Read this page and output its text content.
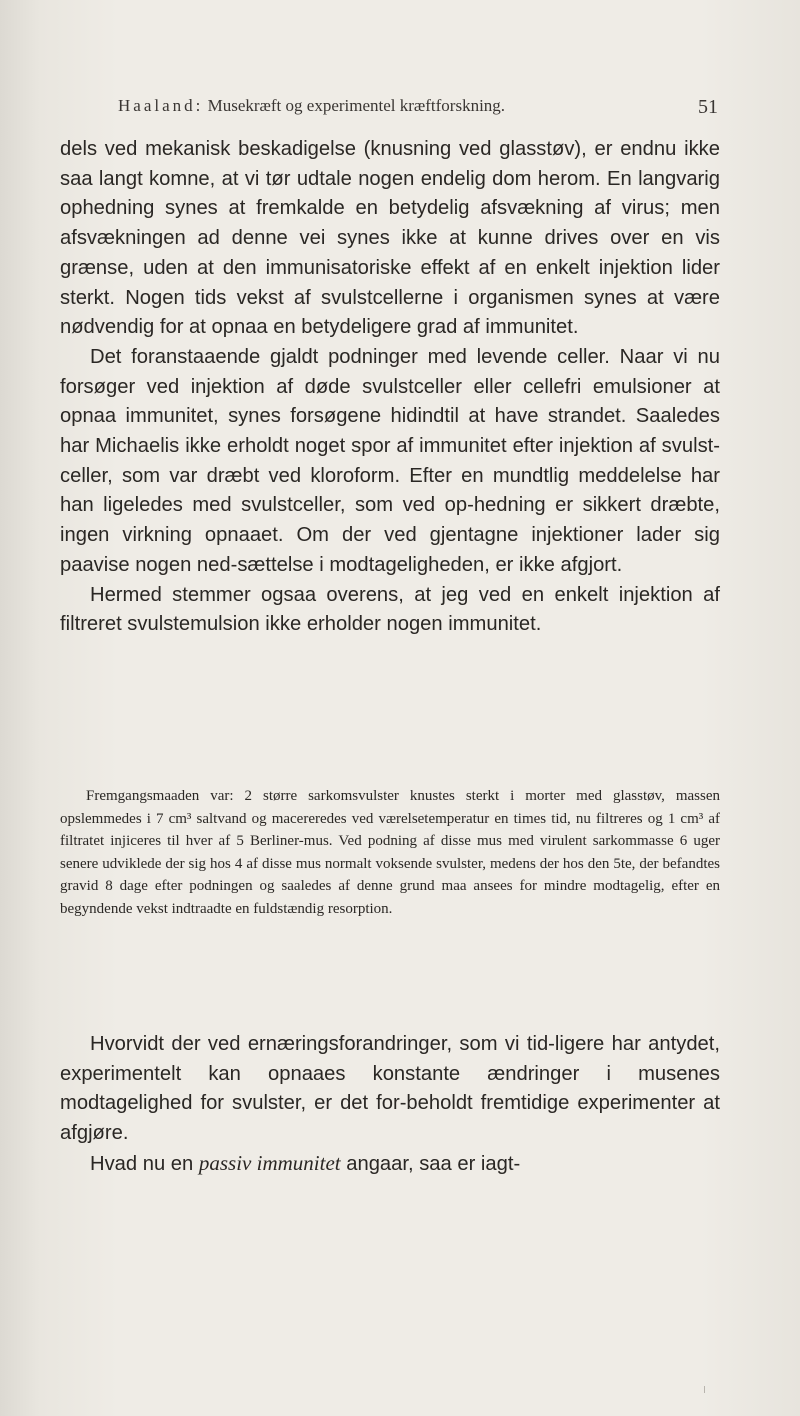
Haaland: Musekræft og experimentel kræftforskning.	51

dels ved mekanisk beskadigelse (knusning ved glasstøv), er endnu ikke saa langt komne, at vi tør udtale nogen endelig dom herom. En langvarig ophedning synes at fremkalde en betydelig afsvækning af virus; men afsvækningen ad denne vei synes ikke at kunne drives over en vis grænse, uden at den immunisatoriske effekt af en enkelt injektion lider sterkt. Nogen tids vekst af svulstcellerne i organismen synes at være nødvendig for at opnaa en betydeligere grad af immunitet.

Det foranstaaende gjaldt podninger med levende celler. Naar vi nu forsøger ved injektion af døde svulstceller eller cellefri emulsioner at opnaa immunitet, synes forsøgene hidindtil at have strandet. Saaledes har Michaelis ikke erholdt noget spor af immunitet efter injektion af svulst-celler, som var dræbt ved kloroform. Efter en mundtlig meddelelse har han ligeledes med svulstceller, som ved op-hedning er sikkert dræbte, ingen virkning opnaaet. Om der ved gjentagne injektioner lader sig paavise nogen ned-sættelse i modtageligheden, er ikke afgjort.

Hermed stemmer ogsaa overens, at jeg ved en enkelt injektion af filtreret svulstemulsion ikke erholder nogen immunitet.

Fremgangsmaaden var: 2 større sarkomsvulster knustes sterkt i morter med glasstøv, massen opslemmedes i 7 cm³ saltvand og macereredes ved værelsetemperatur en times tid, nu filtreres og 1 cm³ af filtratet injiceres til hver af 5 Berliner-mus. Ved podning af disse mus med virulent sarkommasse 6 uger senere udviklede der sig hos 4 af disse mus normalt voksende svulster, medens der hos den 5te, der befandtes gravid 8 dage efter podningen og saaledes af denne grund maa ansees for mindre modtagelig, efter en begyndende vekst indtraadte en fuldstændig resorption.

Hvorvidt der ved ernæringsforandringer, som vi tid-ligere har antydet, experimentelt kan opnaaes konstante ændringer i musenes modtagelighed for svulster, er det for-beholdt fremtidige experimenter at afgjøre.

Hvad nu en passiv immunitet angaar, saa er iagt-
